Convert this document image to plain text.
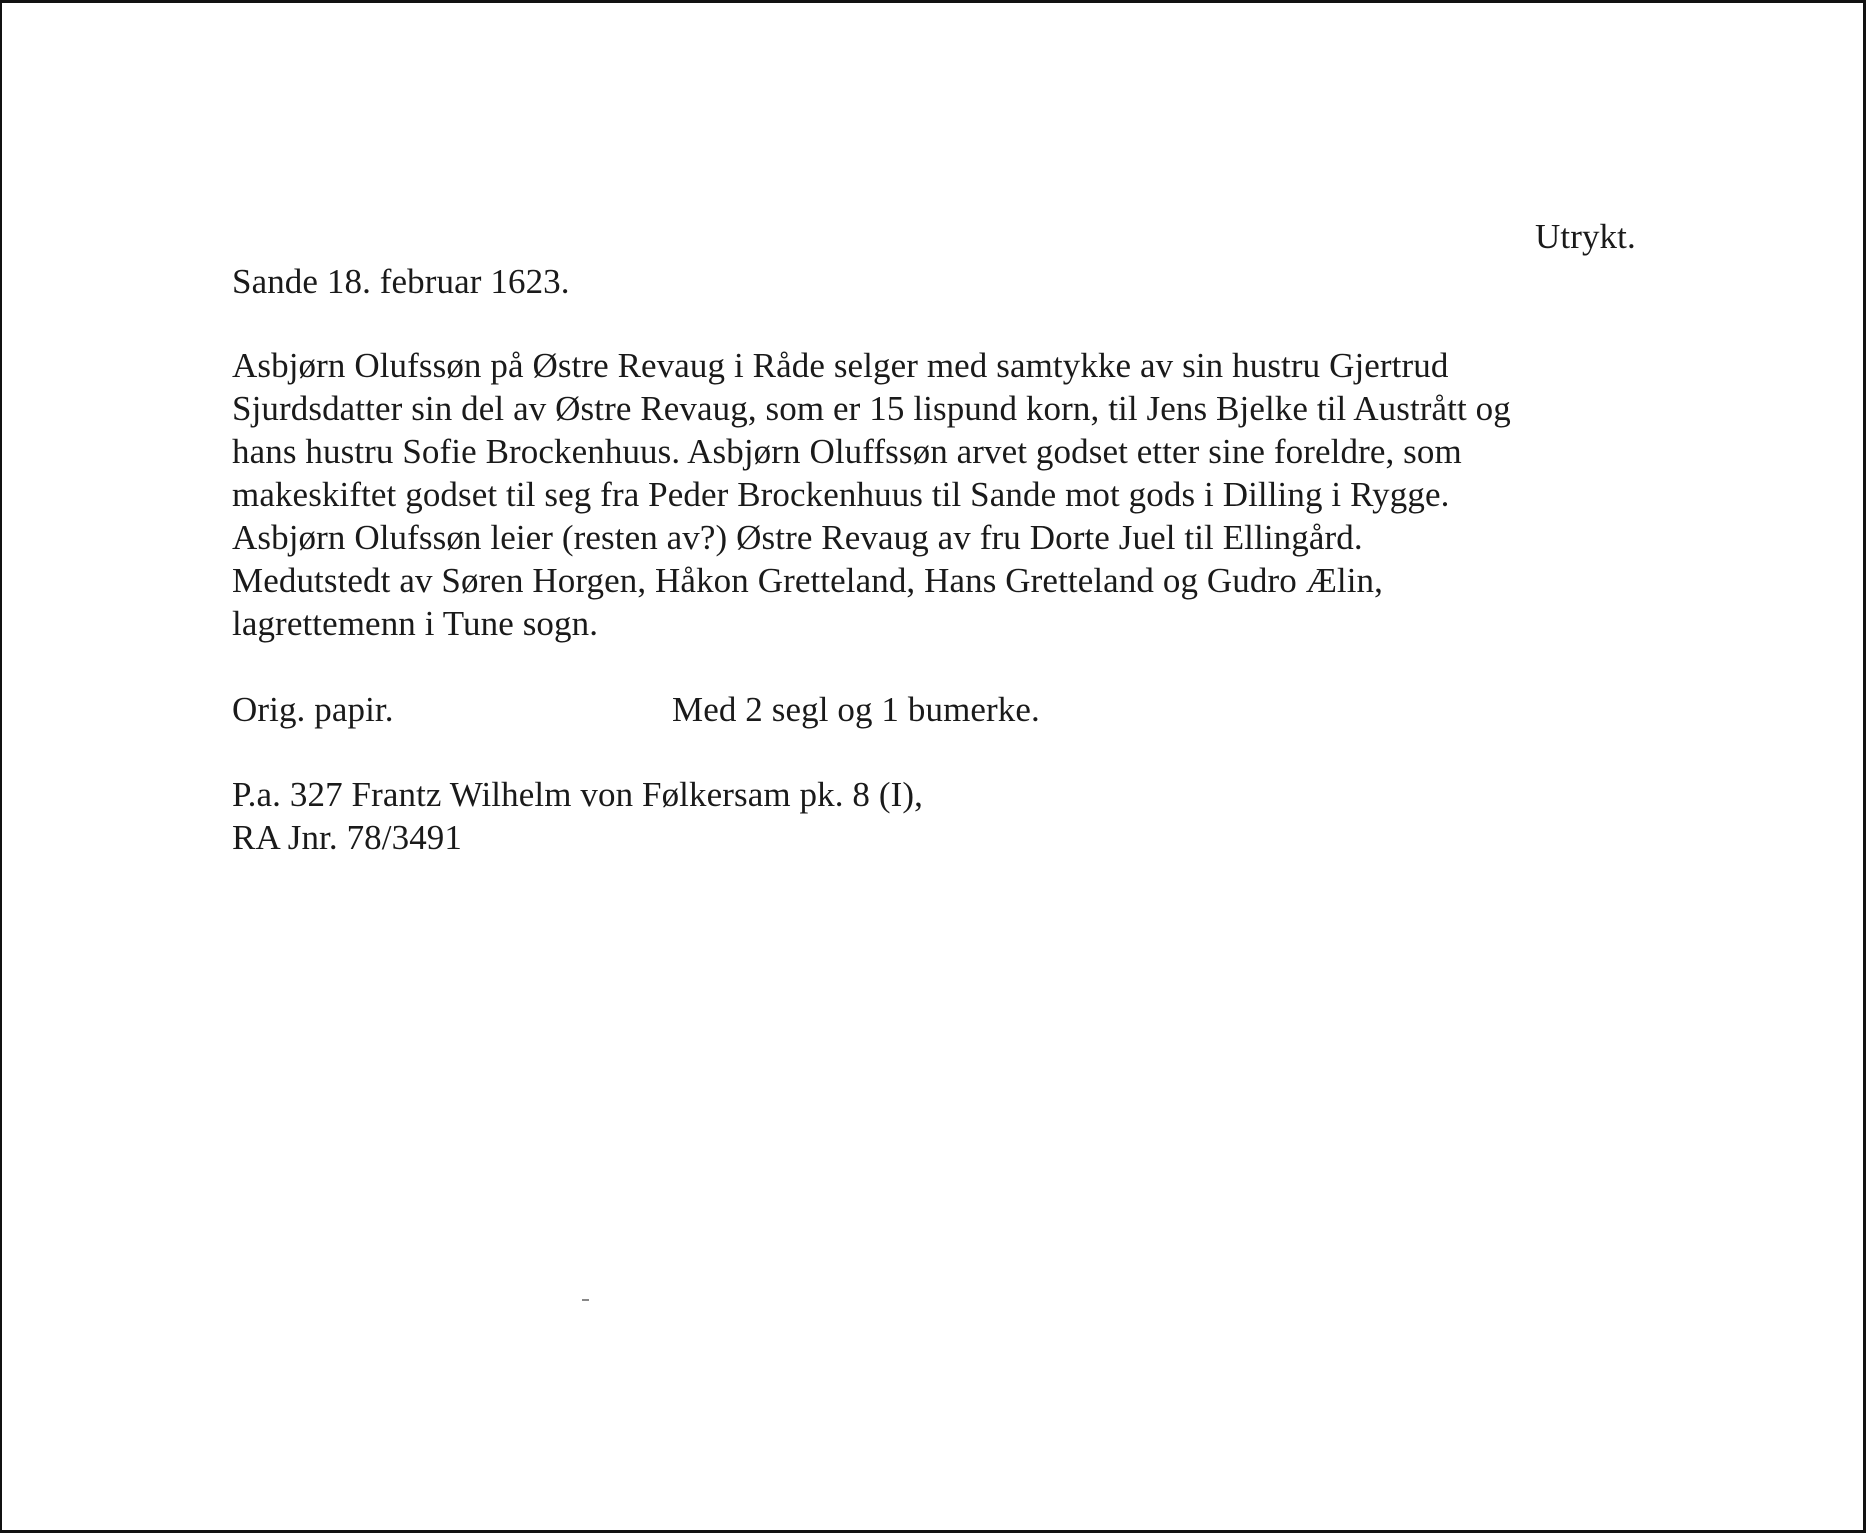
Utrykt.
Sande 18. februar 1623.
Asbjørn Olufssøn på Østre Revaug i Råde selger med samtykke av sin hustru Gjertrud
Sjurdsdatter sin del av Østre Revaug, som er 15 lispund korn, til Jens Bjelke til Austrått og
hans hustru Sofie Brockenhuus. Asbjørn Oluffssøn arvet godset etter sine foreldre, som
makeskiftet godset til seg fra Peder Brockenhuus til Sande mot gods i Dilling i Rygge.
Asbjørn Olufssøn leier (resten av?) Østre Revaug av fru Dorte Juel til Ellingård.
Medutstedt av Søren Horgen, Håkon Gretteland, Hans Gretteland og Gudro Ælin,
lagrettemenn i Tune sogn.
Orig. papir.	Med 2 segl og 1 bumerke.
P.a. 327 Frantz Wilhelm von Følkersam pk. 8 (I),
RA Jnr. 78/3491
